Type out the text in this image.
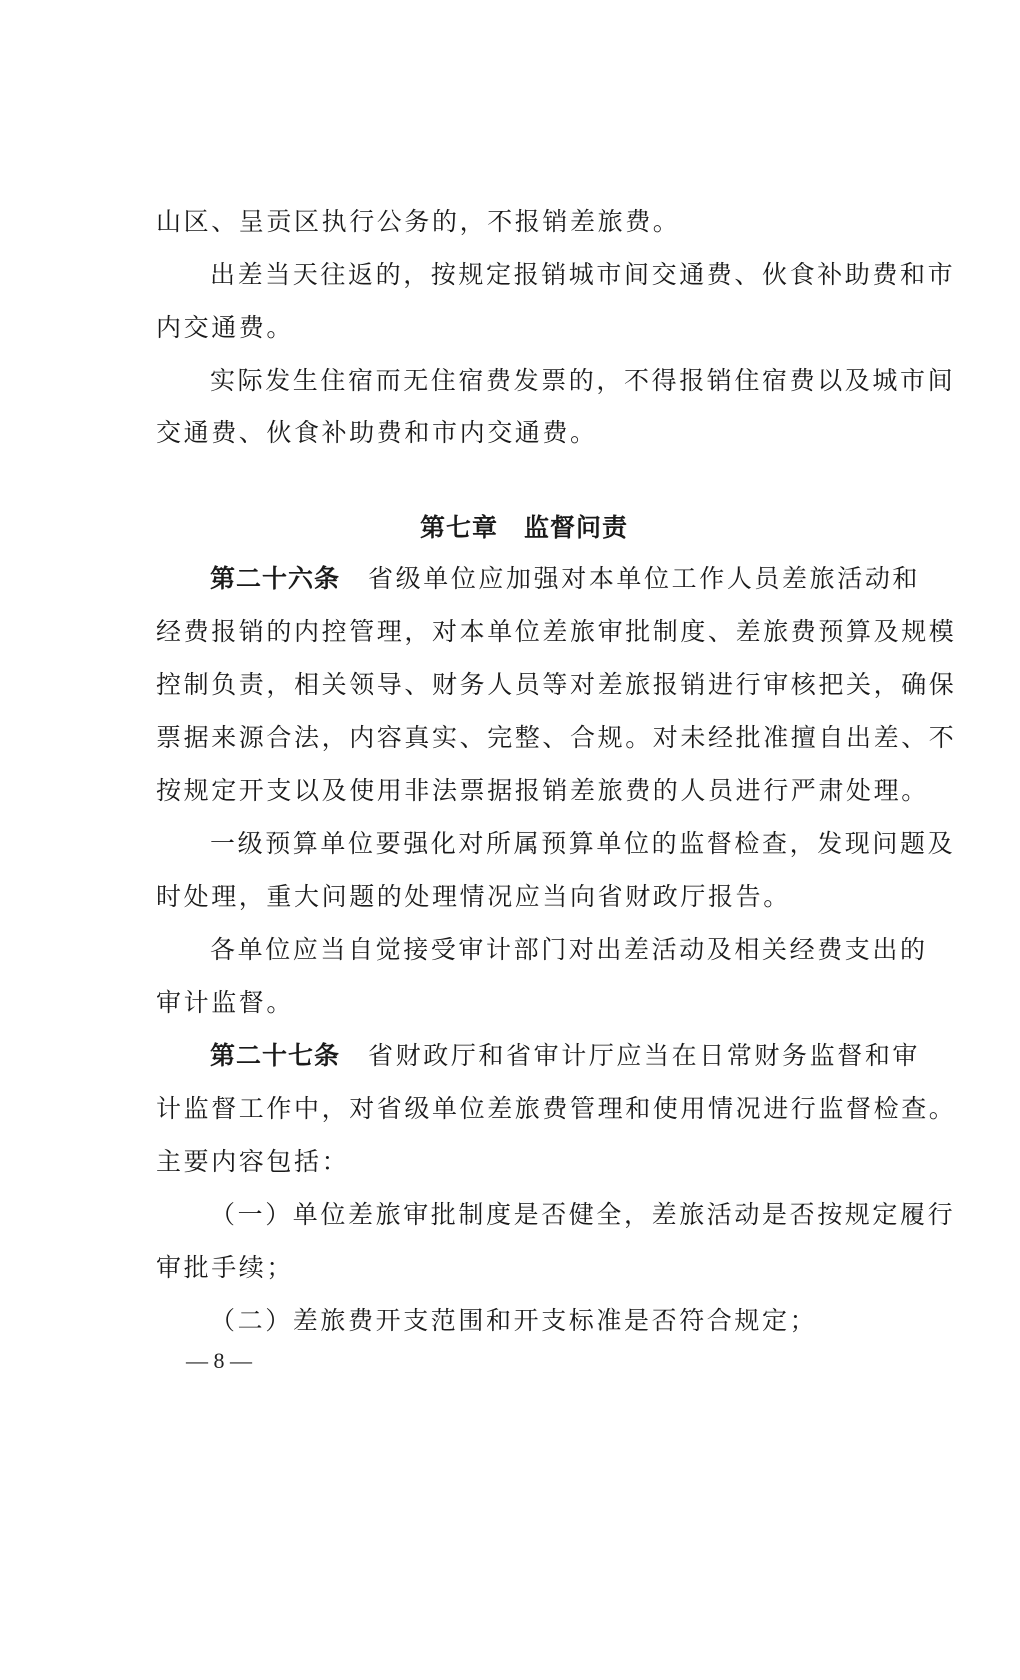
山区、呈贡区执行公务的，不报销差旅费。
出差当天往返的，按规定报销城市间交通费、伙食补助费和市
内交通费。
实际发生住宿而无住宿费发票的，不得报销住宿费以及城市间
交通费、伙食补助费和市内交通费。
第七章　监督问责
第二十六条 省级单位应加强对本单位工作人员差旅活动和
经费报销的内控管理，对本单位差旅审批制度、差旅费预算及规模
控制负责，相关领导、财务人员等对差旅报销进行审核把关，确保
票据来源合法，内容真实、完整、合规。对未经批准擅自出差、不
按规定开支以及使用非法票据报销差旅费的人员进行严肃处理。
一级预算单位要强化对所属预算单位的监督检查，发现问题及
时处理，重大问题的处理情况应当向省财政厅报告。
各单位应当自觉接受审计部门对出差活动及相关经费支出的
审计监督。
第二十七条 省财政厅和省审计厅应当在日常财务监督和审
计监督工作中，对省级单位差旅费管理和使用情况进行监督检查。
主要内容包括：
（一）单位差旅审批制度是否健全，差旅活动是否按规定履行
审批手续；
（二）差旅费开支范围和开支标准是否符合规定；
— 8 —
